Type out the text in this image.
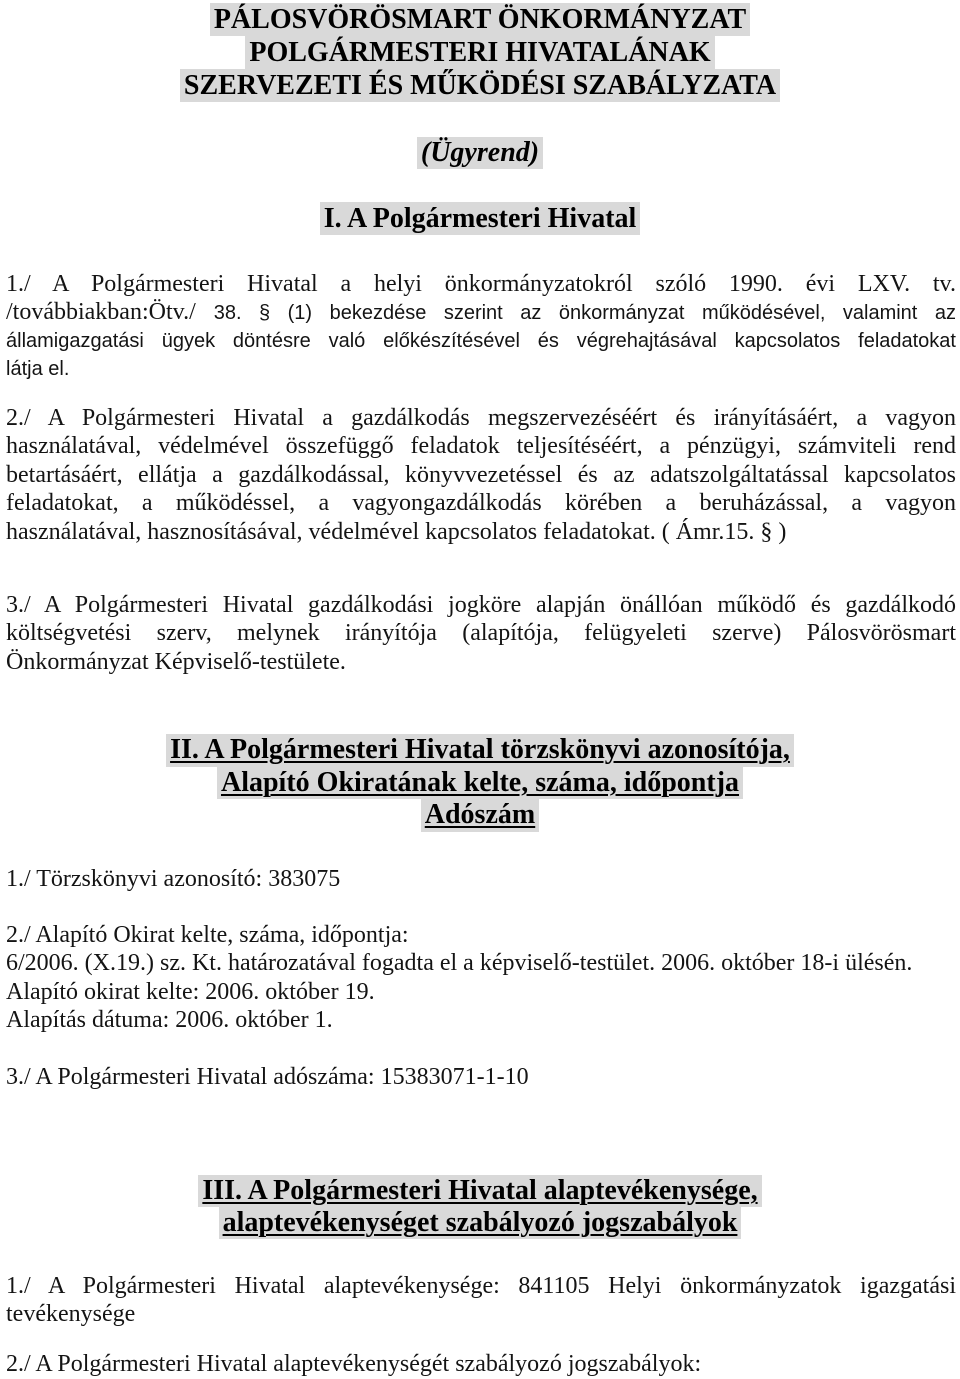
PÁLOSVÖRÖSMART ÖNKORMÁNYZAT
POLGÁRMESTERI HIVATALÁNAK
SZERVEZETI ÉS MŰKÖDÉSI SZABÁLYZATA
(Ügyrend)
I. A Polgármesteri Hivatal
1./ A Polgármesteri Hivatal a helyi önkormányzatokról szóló 1990. évi LXV. tv.
/továbbiakban:Ötv./ 38. § (1) bekezdése szerint az önkormányzat működésével, valamint az
államigazgatási ügyek döntésre való előkészítésével és végrehajtásával kapcsolatos feladatokat
látja el.
2./ A Polgármesteri Hivatal a gazdálkodás megszervezéséért és irányításáért, a vagyon
használatával, védelmével összefüggő feladatok teljesítéséért, a pénzügyi, számviteli rend
betartásáért, ellátja a gazdálkodással, könyvvezetéssel és az adatszolgáltatással kapcsolatos
feladatokat, a működéssel, a vagyongazdálkodás körében a beruházással, a vagyon
használatával, hasznosításával, védelmével kapcsolatos feladatokat. ( Ámr.15. § )
3./ A Polgármesteri Hivatal gazdálkodási jogköre alapján önállóan működő és gazdálkodó
költségvetési szerv, melynek irányítója (alapítója, felügyeleti szerve) Pálosvörösmart
Önkormányzat Képviselő-testülete.
II. A Polgármesteri Hivatal törzskönyvi azonosítója,
Alapító Okiratának kelte, száma, időpontja
Adószám
1./ Törzskönyvi azonosító: 383075
2./ Alapító Okirat kelte, száma, időpontja:
6/2006. (X.19.) sz. Kt. határozatával fogadta el a képviselő-testület. 2006. október 18-i ülésén.
Alapító okirat kelte: 2006. október 19.
Alapítás dátuma: 2006. október 1.
3./ A Polgármesteri Hivatal adószáma: 15383071-1-10
III. A Polgármesteri Hivatal alaptevékenysége,
alaptevékenységet szabályozó jogszabályok
1./ A Polgármesteri Hivatal alaptevékenysége: 841105 Helyi önkormányzatok igazgatási
tevékenysége
2./ A Polgármesteri Hivatal alaptevékenységét szabályozó jogszabályok:
